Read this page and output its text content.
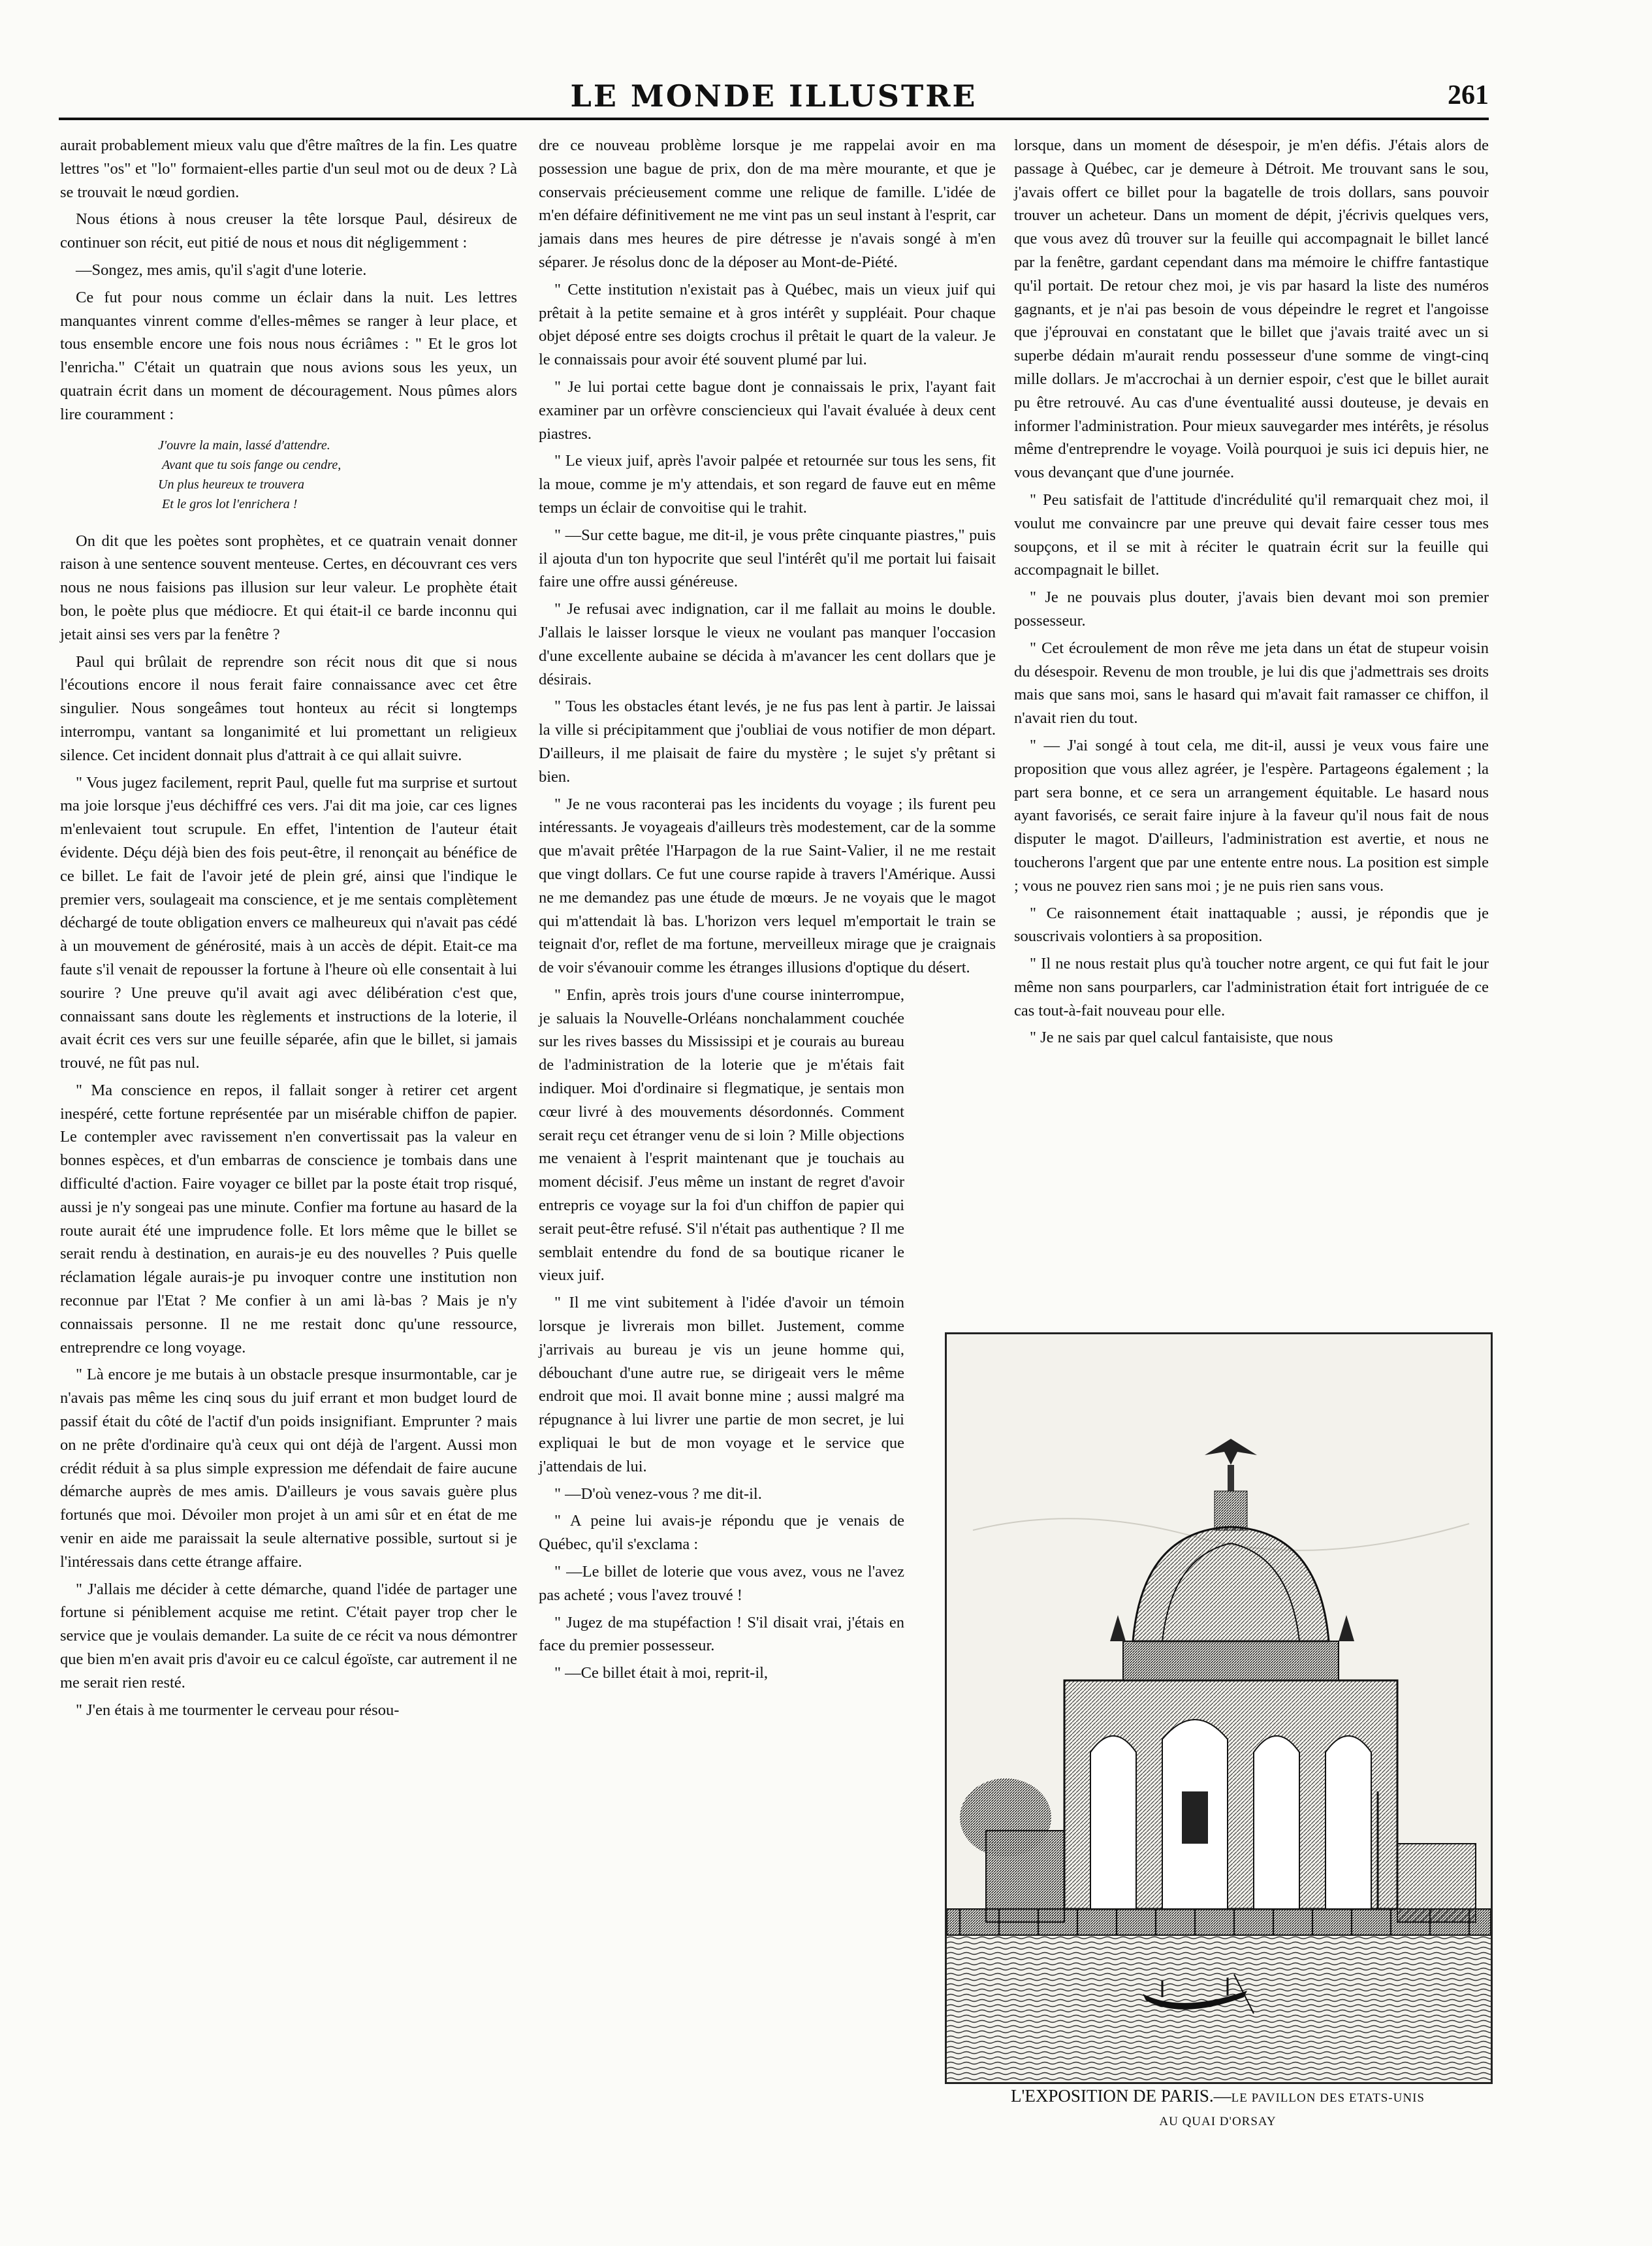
LE MONDE ILLUSTRE	261

aurait probablement mieux valu que d'être maîtres de la fin. Les quatre lettres "os" et "lo" formaient-elles partie d'un seul mot ou de deux ? Là se trouvait le nœud gordien.

Nous étions à nous creuser la tête lorsque Paul, désireux de continuer son récit, eut pitié de nous et nous dit négligemment :

—Songez, mes amis, qu'il s'agit d'une loterie.

Ce fut pour nous comme un éclair dans la nuit. Les lettres manquantes vinrent comme d'elles-mêmes se ranger à leur place, et tous ensemble encore une fois nous nous écriâmes : " Et le gros lot l'enricha." C'était un quatrain que nous avions sous les yeux, un quatrain écrit dans un moment de découragement. Nous pûmes alors lire couramment :

J'ouvre la main, lassé d'attendre.
Avant que tu sois fange ou cendre,
Un plus heureux te trouvera
Et le gros lot l'enrichera !

On dit que les poètes sont prophètes, et ce quatrain venait donner raison à une sentence souvent menteuse. Certes, en découvrant ces vers nous ne nous faisions pas illusion sur leur valeur. Le prophète était bon, le poète plus que médiocre. Et qui était-il ce barde inconnu qui jetait ainsi ses vers par la fenêtre ?

Paul qui brûlait de reprendre son récit nous dit que si nous l'écoutions encore il nous ferait faire connaissance avec cet être singulier. Nous songeâmes tout honteux au récit si longtemps interrompu, vantant sa longanimité et lui promettant un religieux silence. Cet incident donnait plus d'attrait à ce qui allait suivre.

" Vous jugez facilement, reprit Paul, quelle fut ma surprise et surtout ma joie lorsque j'eus déchiffré ces vers. J'ai dit ma joie, car ces lignes m'enlevaient tout scrupule. En effet, l'intention de l'auteur était évidente. Déçu déjà bien des fois peut-être, il renonçait au bénéfice de ce billet. Le fait de l'avoir jeté de plein gré, ainsi que l'indique le premier vers, soulageait ma conscience, et je me sentais complètement déchargé de toute obligation envers ce malheureux qui n'avait pas cédé à un mouvement de générosité, mais à un accès de dépit. Etait-ce ma faute s'il venait de repousser la fortune à l'heure où elle consentait à lui sourire ? Une preuve qu'il avait agi avec délibération c'est que, connaissant sans doute les règlements et instructions de la loterie, il avait écrit ces vers sur une feuille séparée, afin que le billet, si jamais trouvé, ne fût pas nul.

" Ma conscience en repos, il fallait songer à retirer cet argent inespéré, cette fortune représentée par un misérable chiffon de papier. Le contempler avec ravissement n'en convertissait pas la valeur en bonnes espèces, et d'un embarras de conscience je tombais dans une difficulté d'action. Faire voyager ce billet par la poste était trop risqué, aussi je n'y songeai pas une minute. Confier ma fortune au hasard de la route aurait été une imprudence folle. Et lors même que le billet se serait rendu à destination, en aurais-je eu des nouvelles ? Puis quelle réclamation légale aurais-je pu invoquer contre une institution non reconnue par l'Etat ? Me confier à un ami là-bas ? Mais je n'y connaissais personne. Il ne me restait donc qu'une ressource, entreprendre ce long voyage.

" Là encore je me butais à un obstacle presque insurmontable, car je n'avais pas même les cinq sous du juif errant et mon budget lourd de passif était du côté de l'actif d'un poids insignifiant. Emprunter ? mais on ne prête d'ordinaire qu'à ceux qui ont déjà de l'argent. Aussi mon crédit réduit à sa plus simple expression me défendait de faire aucune démarche auprès de mes amis. D'ailleurs je vous savais guère plus fortunés que moi. Dévoiler mon projet à un ami sûr et en état de me venir en aide me paraissait la seule alternative possible, surtout si je l'intéressais dans cette étrange affaire.

" J'allais me décider à cette démarche, quand l'idée de partager une fortune si péniblement acquise me retint. C'était payer trop cher le service que je voulais demander. La suite de ce récit va nous démontrer que bien m'en avait pris d'avoir eu ce calcul égoïste, car autrement il ne me serait rien resté.

" J'en étais à me tourmenter le cerveau pour résou-

dre ce nouveau problème lorsque je me rappelai avoir en ma possession une bague de prix, don de ma mère mourante, et que je conservais précieusement comme une relique de famille. L'idée de m'en défaire définitivement ne me vint pas un seul instant à l'esprit, car jamais dans mes heures de pire détresse je n'avais songé à m'en séparer. Je résolus donc de la déposer au Mont-de-Piété.

" Cette institution n'existait pas à Québec, mais un vieux juif qui prêtait à la petite semaine et à gros intérêt y suppléait. Pour chaque objet déposé entre ses doigts crochus il prêtait le quart de la valeur. Je le connaissais pour avoir été souvent plumé par lui.

" Je lui portai cette bague dont je connaissais le prix, l'ayant fait examiner par un orfèvre consciencieux qui l'avait évaluée à deux cent piastres.

" Le vieux juif, après l'avoir palpée et retournée sur tous les sens, fit la moue, comme je m'y attendais, et son regard de fauve eut en même temps un éclair de convoitise qui le trahit.

" —Sur cette bague, me dit-il, je vous prête cinquante piastres," puis il ajouta d'un ton hypocrite que seul l'intérêt qu'il me portait lui faisait faire une offre aussi généreuse.

" Je refusai avec indignation, car il me fallait au moins le double. J'allais le laisser lorsque le vieux ne voulant pas manquer l'occasion d'une excellente aubaine se décida à m'avancer les cent dollars que je désirais.

" Tous les obstacles étant levés, je ne fus pas lent à partir. Je laissai la ville si précipitamment que j'oubliai de vous notifier de mon départ. D'ailleurs, il me plaisait de faire du mystère ; le sujet s'y prêtant si bien.

" Je ne vous raconterai pas les incidents du voyage ; ils furent peu intéressants. Je voyageais d'ailleurs très modestement, car de la somme que m'avait prêtée l'Harpagon de la rue Saint-Valier, il ne me restait que vingt dollars. Ce fut une course rapide à travers l'Amérique. Aussi ne me demandez pas une étude de mœurs. Je ne voyais que le magot qui m'attendait là bas. L'horizon vers lequel m'emportait le train se teignait d'or, reflet de ma fortune, merveilleux mirage que je craignais de voir s'évanouir comme les étranges illusions d'optique du désert.

" Enfin, après trois jours d'une course ininterrompue, je saluais la Nouvelle-Orléans nonchalamment couchée sur les rives basses du Mississipi et je courais au bureau de l'administration de la loterie que je m'étais fait indiquer. Moi d'ordinaire si flegmatique, je sentais mon cœur livré à des mouvements désordonnés. Comment serait reçu cet étranger venu de si loin ? Mille objections me venaient à l'esprit maintenant que je touchais au moment décisif. J'eus même un instant de regret d'avoir entrepris ce voyage sur la foi d'un chiffon de papier qui serait peut-être refusé. S'il n'était pas authentique ? Il me semblait entendre du fond de sa boutique ricaner le vieux juif.

" Il me vint subitement à l'idée d'avoir un témoin lorsque je livrerais mon billet. Justement, comme j'arrivais au bureau je vis un jeune homme qui, débouchant d'une autre rue, se dirigeait vers le même endroit que moi. Il avait bonne mine ; aussi malgré ma répugnance à lui livrer une partie de mon secret, je lui expliquai le but de mon voyage et le service que j'attendais de lui.

" —D'où venez-vous ? me dit-il.

" A peine lui avais-je répondu que je venais de Québec, qu'il s'exclama :

" —Le billet de loterie que vous avez, vous ne l'avez pas acheté ; vous l'avez trouvé !

" Jugez de ma stupéfaction ! S'il disait vrai, j'étais en face du premier possesseur.

" —Ce billet était à moi, reprit-il,

lorsque, dans un moment de désespoir, je m'en défis. J'étais alors de passage à Québec, car je demeure à Détroit. Me trouvant sans le sou, j'avais offert ce billet pour la bagatelle de trois dollars, sans pouvoir trouver un acheteur. Dans un moment de dépit, j'écrivis quelques vers, que vous avez dû trouver sur la feuille qui accompagnait le billet lancé par la fenêtre, gardant cependant dans ma mémoire le chiffre fantastique qu'il portait. De retour chez moi, je vis par hasard la liste des numéros gagnants, et je n'ai pas besoin de vous dépeindre le regret et l'angoisse que j'éprouvai en constatant que le billet que j'avais traité avec un si superbe dédain m'aurait rendu possesseur d'une somme de vingt-cinq mille dollars. Je m'accrochai à un dernier espoir, c'est que le billet aurait pu être retrouvé. Au cas d'une éventualité aussi douteuse, je devais en informer l'administration. Pour mieux sauvegarder mes intérêts, je résolus même d'entreprendre le voyage. Voilà pourquoi je suis ici depuis hier, ne vous devançant que d'une journée.

" Peu satisfait de l'attitude d'incrédulité qu'il remarquait chez moi, il voulut me convaincre par une preuve qui devait faire cesser tous mes soupçons, et il se mit à réciter le quatrain écrit sur la feuille qui accompagnait le billet.

" Je ne pouvais plus douter, j'avais bien devant moi son premier possesseur.

" Cet écroulement de mon rêve me jeta dans un état de stupeur voisin du désespoir. Revenu de mon trouble, je lui dis que j'admettrais ses droits mais que sans moi, sans le hasard qui m'avait fait ramasser ce chiffon, il n'avait rien du tout.

" — J'ai songé à tout cela, me dit-il, aussi je veux vous faire une proposition que vous allez agréer, je l'espère. Partageons également ; la part sera bonne, et ce sera un arrangement équitable. Le hasard nous ayant favorisés, ce serait faire injure à la faveur qu'il nous fait de nous disputer le magot. D'ailleurs, l'administration est avertie, et nous ne toucherons l'argent que par une entente entre nous. La position est simple ; vous ne pouvez rien sans moi ; je ne puis rien sans vous.

" Ce raisonnement était inattaquable ; aussi, je répondis que je souscrivais volontiers à sa proposition.

" Il ne nous restait plus qu'à toucher notre argent, ce qui fut fait le jour même non sans pourparlers, car l'administration était fort intriguée de ce cas tout-à-fait nouveau pour elle.

" Je ne sais par quel calcul fantaisiste, que nous

L'EXPOSITION DE PARIS.—LE PAVILLON DES ETATS-UNIS
AU QUAI D'ORSAY
